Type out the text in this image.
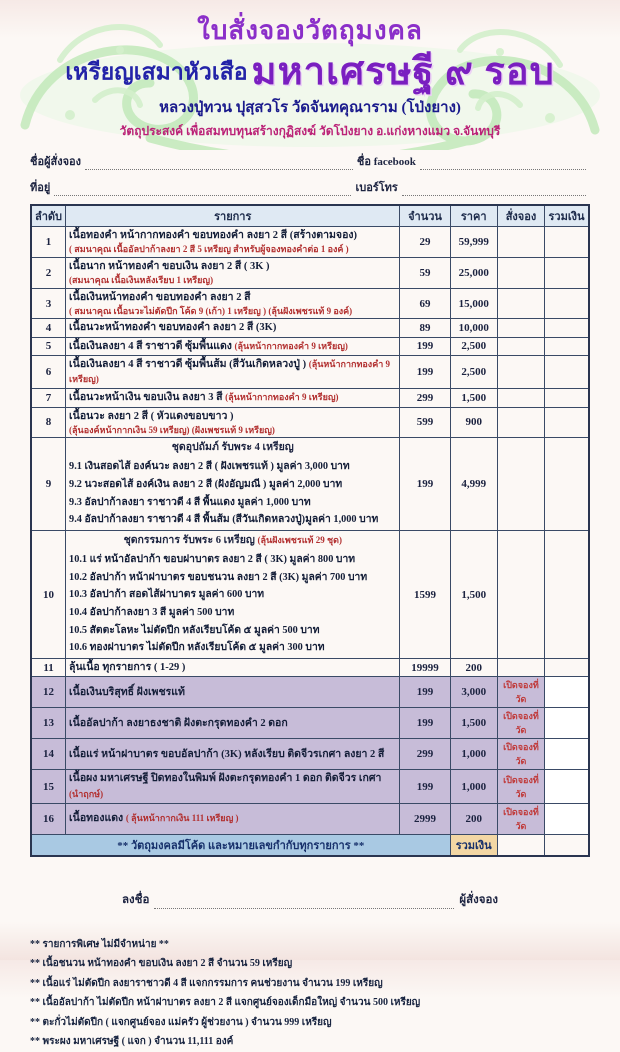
ใบสั่งจองวัตถุมงคล
เหรียญเสมาหัวเสือ มหาเศรษฐี ๙ รอบ
หลวงปู่ทวน ปุสฺสวโร วัดจันทคุณาราม (โป่งยาง)
วัตถุประสงค์ เพื่อสมทบทุนสร้างกุฏิสงฆ์ วัดโป่งยาง อ.แก่งหางแมว จ.จันทบุรี
ชื่อผู้สั่งจอง	ชื่อ facebook
ที่อยู่	เบอร์โทร
ลำดับ	รายการ	จำนวน	ราคา	สั่งจอง	รวมเงิน
1	เนื้อทองคำ หน้ากากทองคำ ขอบทองคำ ลงยา 2 สี (สร้างตามจอง)
( สมนาคุณ เนื้ออัลปาก้าลงยา 2 สี 5 เหรียญ สำหรับผู้จองทองคำต่อ 1 องค์ )	29	59,999		
2	เนื้อนาก หน้าทองคำ ขอบเงิน ลงยา 2 สี ( 3K )
(สมนาคุณ เนื้อเงินหลังเรียบ 1 เหรียญ)	59	25,000		
3	เนื้อเงินหน้าทองคำ ขอบทองคำ ลงยา 2 สี
( สมนาคุณ เนื้อนวะไม่ตัดปีก โค้ด 9 (เก้า) 1 เหรียญ ) (ลุ้นฝังเพชรแท้ 9 องค์)	69	15,000		
4	เนื้อนวะหน้าทองคำ ขอบทองคำ ลงยา 2 สี (3K)	89	10,000		
5	เนื้อเงินลงยา 4 สี ราชาวดี ซุ้มพื้นแดง (ลุ้นหน้ากากทองคำ 9 เหรียญ)	199	2,500		
6	เนื้อเงินลงยา 4 สี ราชาวดี ซุ้มพื้นส้ม (สีวันเกิดหลวงปู่ ) (ลุ้นหน้ากากทองคำ 9 เหรียญ)	199	2,500		
7	เนื้อนวะหน้าเงิน ขอบเงิน ลงยา 3 สี (ลุ้นหน้ากากทองคำ 9 เหรียญ)	299	1,500		
8	เนื้อนวะ ลงยา 2 สี ( หัวแดงขอบขาว )
(ลุ้นองค์หน้ากากเงิน 59 เหรียญ) (ฝังเพชรแท้ 9 เหรียญ)	599	900		
9	ชุดอุปถัมภ์ รับพระ 4 เหรียญ
9.1 เงินสอดไส้ องค์นวะ ลงยา 2 สี ( ฝังเพชรแท้ ) มูลค่า 3,000 บาท
9.2 นวะสอดไส้ องค์เงิน ลงยา 2 สี (ฝังอัญมณี ) มูลค่า 2,000 บาท
9.3 อัลปาก้าลงยา ราชาวดี 4 สี พื้นแดง มูลค่า 1,000 บาท
9.4 อัลปาก้าลงยา ราชาวดี 4 สี พื้นส้ม (สีวันเกิดหลวงปู่)มูลค่า 1,000 บาท	199	4,999		
10	
ชุดกรรมการ รับพระ 6 เหรียญ (ลุ้นฝังเพชรแท้ 29 ชุด)
10.1 แร่ หน้าอัลปาก้า ขอบฝาบาตร ลงยา 2 สี ( 3K) มูลค่า 800 บาท
10.2 อัลปาก้า หน้าฝาบาตร ขอบชนวน ลงยา 2 สี (3K) มูลค่า 700 บาท
10.3 อัลปาก้า สอดไส้ฝาบาตร มูลค่า 600 บาท
10.4 อัลปาก้าลงยา 3 สี มูลค่า 500 บาท
10.5 สัตตะโลหะ ไม่ตัดปีก หลังเรียบโค้ด ๕ มูลค่า 500 บาท
10.6 ทองฝาบาตร ไม่ตัดปีก หลังเรียบโค้ด ๕ มูลค่า 300 บาท
	1599	1,500		
11	ลุ้นเนื้อ ทุกรายการ ( 1-29 )	19999	200		
12	เนื้อเงินบริสุทธิ์ ฝังเพชรแท้	199	3,000	เปิดจองที่วัด	
13	เนื้ออัลปาก้า ลงยาธงชาติ ฝังตะกรุดทองคำ 2 ดอก	199	1,500	เปิดจองที่วัด	
14	เนื้อแร่ หน้าฝาบาตร ขอบอัลปาก้า (3K) หลังเรียบ ติดจีวรเกศา ลงยา 2 สี	299	1,000	เปิดจองที่วัด	
15	เนื้อผง มหาเศรษฐี ปิดทองในพิมพ์ ฝังตะกรุดทองคำ 1 ดอก ติดจีวร เกศา (นำฤกษ์)	199	1,000	เปิดจองที่วัด	
16	เนื้อทองแดง ( ลุ้นหน้ากากเงิน 111 เหรียญ )	2999	200	เปิดจองที่วัด	
** วัตถุมงคลมีโค้ด และหมายเลขกำกับทุกรายการ **			รวมเงิน		
ลงชื่อ	ผู้สั่งจอง
** รายการพิเศษ ไม่มีจำหน่าย **
** เนื้อชนวน หน้าทองคำ ขอบเงิน ลงยา 2 สี จำนวน 59 เหรียญ
** เนื้อแร่ ไม่ตัดปีก ลงยาราชาวดี 4 สี แจกกรรมการ คนช่วยงาน จำนวน 199 เหรียญ
** เนื้ออัลปาก้า ไม่ตัดปีก หน้าฝาบาตร ลงยา 2 สี แจกศูนย์จองเด็กมือใหญ่ จำนวน 500 เหรียญ
** ตะกั่วไม่ตัดปีก ( แจกศูนย์จอง แม่ครัว ผู้ช่วยงาน ) จำนวน 999 เหรียญ
** พระผง มหาเศรษฐี ( แจก ) จำนวน 11,111 องค์
